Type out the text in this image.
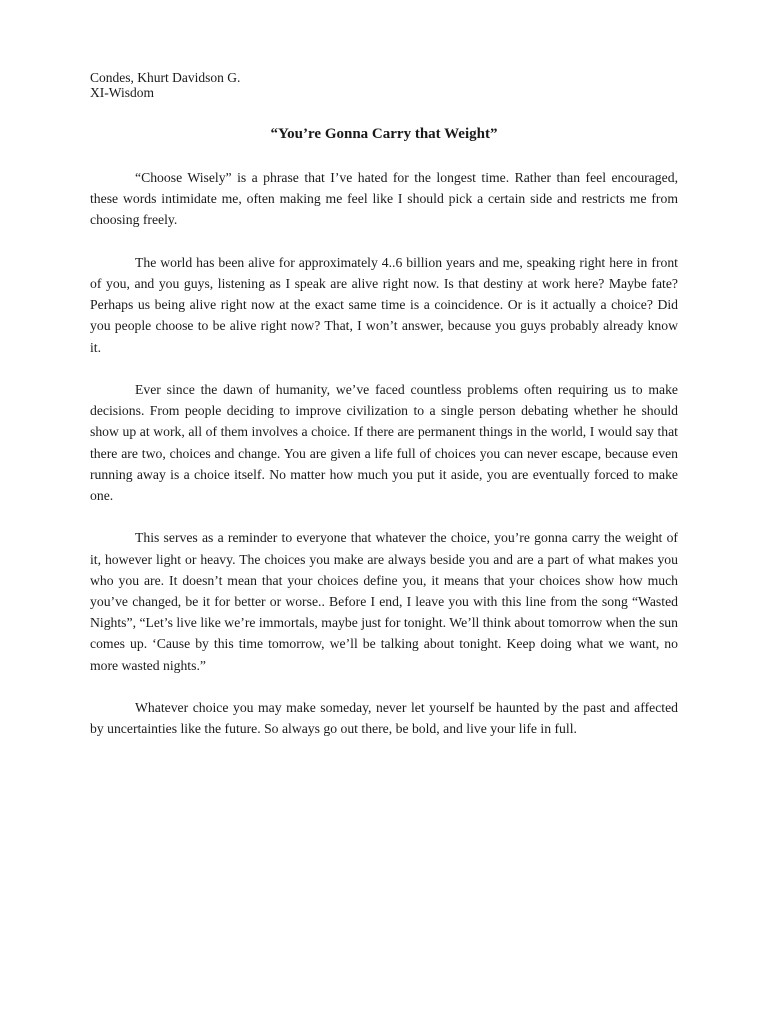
Condes, Khurt Davidson G.
XI-Wisdom
“You’re Gonna Carry that Weight”

“Choose Wisely” is a phrase that I’ve hated for the longest time. Rather than feel encouraged, these words intimidate me, often making me feel like I should pick a certain side and restricts me from choosing freely.

The world has been alive for approximately 4..6 billion years and me, speaking right here in front of you, and you guys, listening as I speak are alive right now. Is that destiny at work here? Maybe fate? Perhaps us being alive right now at the exact same time is a coincidence. Or is it actually a choice? Did you people choose to be alive right now? That, I won’t answer, because you guys probably already know it.

Ever since the dawn of humanity, we’ve faced countless problems often requiring us to make decisions. From people deciding to improve civilization to a single person debating whether he should show up at work, all of them involves a choice. If there are permanent things in the world, I would say that there are two, choices and change. You are given a life full of choices you can never escape, because even running away is a choice itself. No matter how much you put it aside, you are eventually forced to make one.

This serves as a reminder to everyone that whatever the choice, you’re gonna carry the weight of it, however light or heavy. The choices you make are always beside you and are a part of what makes you who you are. It doesn’t mean that your choices define you, it means that your choices show how much you’ve changed, be it for better or worse.. Before I end, I leave you with this line from the song “Wasted Nights”, “Let’s live like we’re immortals, maybe just for tonight. We’ll think about tomorrow when the sun comes up. ‘Cause by this time tomorrow, we’ll be talking about tonight. Keep doing what we want, no more wasted nights.”

Whatever choice you may make someday, never let yourself be haunted by the past and affected by uncertainties like the future. So always go out there, be bold, and live your life in full.
